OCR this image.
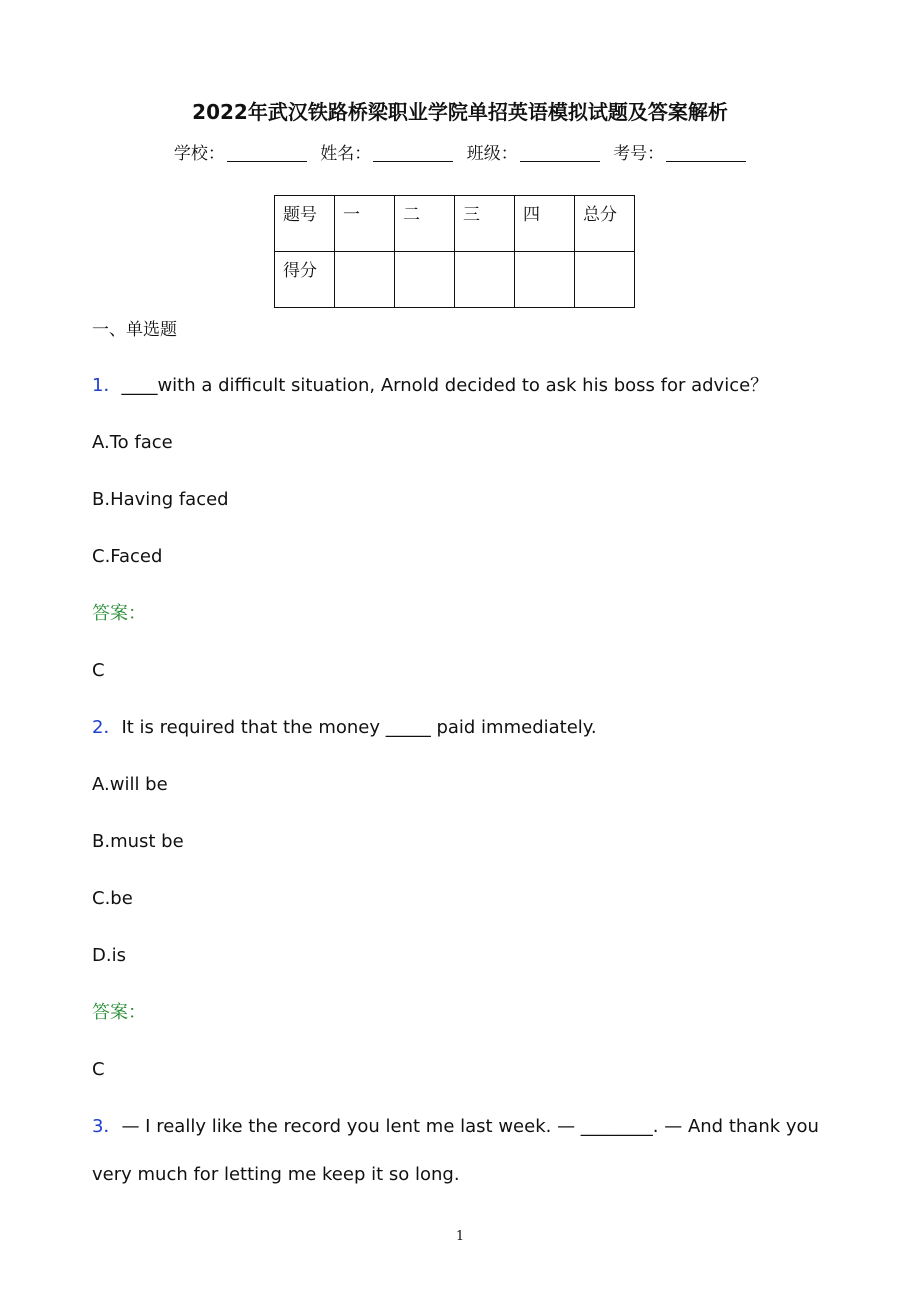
2022年武汉铁路桥梁职业学院单招英语模拟试题及答案解析
学校：	姓名：	班级：	考号：
题号	一	二	三	四	总分
得分					
一、单选题
1．____with a difficult situation, Arnold decided to ask his boss for advice？
A.To face
B.Having faced
C.Faced
答案：
C
2．It is required that the money _____ paid immediately.
A.will be
B.must be
C.be
D.is
答案：
C
3．— I really like the record you lent me last week. — ________. — And thank you
very much for letting me keep it so long.
1
